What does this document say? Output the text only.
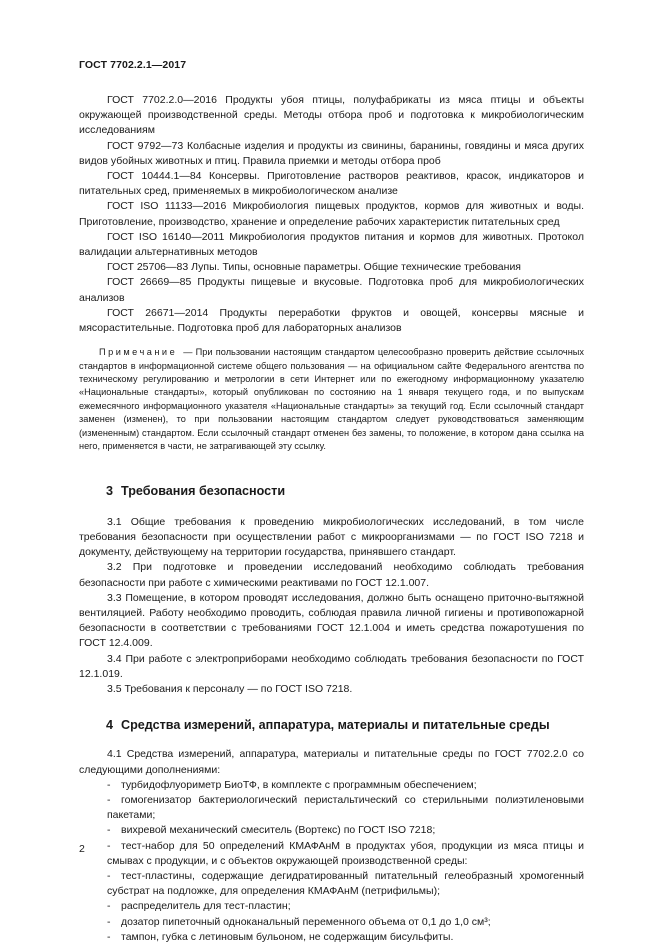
ГОСТ 7702.2.1—2017

ГОСТ 7702.2.0—2016 Продукты убоя птицы, полуфабрикаты из мяса птицы и объекты окружающей производственной среды. Методы отбора проб и подготовка к микробиологическим исследованиям

ГОСТ 9792—73 Колбасные изделия и продукты из свинины, баранины, говядины и мяса других видов убойных животных и птиц. Правила приемки и методы отбора проб

ГОСТ 10444.1—84 Консервы. Приготовление растворов реактивов, красок, индикаторов и питательных сред, применяемых в микробиологическом анализе

ГОСТ ISO 11133—2016 Микробиология пищевых продуктов, кормов для животных и воды. Приготовление, производство, хранение и определение рабочих характеристик питательных сред

ГОСТ ISO 16140—2011 Микробиология продуктов питания и кормов для животных. Протокол валидации альтернативных методов

ГОСТ 25706—83 Лупы. Типы, основные параметры. Общие технические требования

ГОСТ 26669—85 Продукты пищевые и вкусовые. Подготовка проб для микробиологических анализов

ГОСТ 26671—2014 Продукты переработки фруктов и овощей, консервы мясные и мясорастительные. Подготовка проб для лабораторных анализов

Примечание — При пользовании настоящим стандартом целесообразно проверить действие ссылочных стандартов в информационной системе общего пользования — на официальном сайте Федерального агентства по техническому регулированию и метрологии в сети Интернет или по ежегодному информационному указателю «Национальные стандарты», который опубликован по состоянию на 1 января текущего года, и по выпускам ежемесячного информационного указателя «Национальные стандарты» за текущий год. Если ссылочный стандарт заменен (изменен), то при пользовании настоящим стандартом следует руководствоваться заменяющим (измененным) стандартом. Если ссылочный стандарт отменен без замены, то положение, в котором дана ссылка на него, применяется в части, не затрагивающей эту ссылку.

3 Требования безопасности

3.1 Общие требования к проведению микробиологических исследований, в том числе требования безопасности при осуществлении работ с микроорганизмами — по ГОСТ ISO 7218 и документу, действующему на территории государства, принявшего стандарт.

3.2 При подготовке и проведении исследований необходимо соблюдать требования безопасности при работе с химическими реактивами по ГОСТ 12.1.007.

3.3 Помещение, в котором проводят исследования, должно быть оснащено приточно-вытяжной вентиляцией. Работу необходимо проводить, соблюдая правила личной гигиены и противопожарной безопасности в соответствии с требованиями ГОСТ 12.1.004 и иметь средства пожаротушения по ГОСТ 12.4.009.

3.4 При работе с электроприборами необходимо соблюдать требования безопасности по ГОСТ 12.1.019.

3.5 Требования к персоналу — по ГОСТ ISO 7218.

4 Средства измерений, аппаратура, материалы и питательные среды

4.1 Средства измерений, аппаратура, материалы и питательные среды по ГОСТ 7702.2.0 со следующими дополнениями:

- турбидофлуориметр БиоТФ, в комплекте с программным обеспечением;

- гомогенизатор бактериологический перистальтический со стерильными полиэтиленовыми пакетами;

- вихревой механический смеситель (Вортекс) по ГОСТ ISO 7218;

- тест-набор для 50 определений КМАФАнМ в продуктах убоя, продукции из мяса птицы и смывах с продукции, и с объектов окружающей производственной среды:

- тест-пластины, содержащие дегидратированный питательный гелеобразный хромогенный субстрат на подложке, для определения КМАФАнМ (петрифильмы);

- распределитель для тест-пластин;

- дозатор пипеточный одноканальный переменного объема от 0,1 до 1,0 см³;

- тампон, губка с летиновым бульоном, не содержащим бисульфиты.

2
